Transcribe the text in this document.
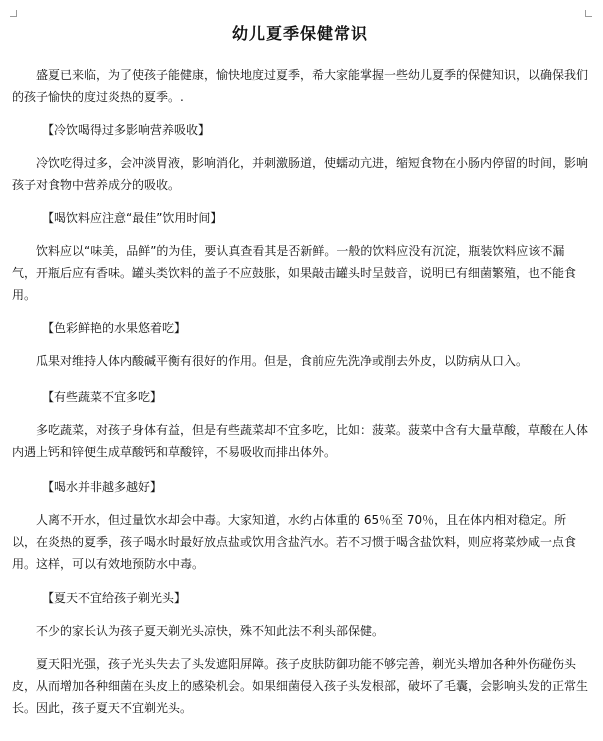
幼儿夏季保健常识

盛夏已来临，为了使孩子能健康，愉快地度过夏季，希大家能掌握一些幼儿夏季的保健知识，以确保我们的孩子愉快的度过炎热的夏季。.

【冷饮喝得过多影响营养吸收】

冷饮吃得过多，会冲淡胃液，影响消化，并刺激肠道，使蠕动亢进，缩短食物在小肠内停留的时间，影响孩子对食物中营养成分的吸收。

【喝饮料应注意“最佳”饮用时间】

饮料应以“味美，品鲜”的为佳，要认真查看其是否新鲜。一般的饮料应没有沉淀，瓶装饮料应该不漏气，开瓶后应有香味。罐头类饮料的盖子不应鼓胀，如果敲击罐头时呈鼓音，说明已有细菌繁殖，也不能食用。

【色彩鲜艳的水果悠着吃】

瓜果对维持人体内酸碱平衡有很好的作用。但是，食前应先洗净或削去外皮，以防病从口入。

【有些蔬菜不宜多吃】

多吃蔬菜，对孩子身体有益，但是有些蔬菜却不宜多吃，比如：菠菜。菠菜中含有大量草酸，草酸在人体内遇上钙和锌便生成草酸钙和草酸锌，不易吸收而排出体外。

【喝水并非越多越好】

人离不开水，但过量饮水却会中毒。大家知道，水约占体重的 65％至 70％，且在体内相对稳定。所以，在炎热的夏季，孩子喝水时最好放点盐或饮用含盐汽水。若不习惯于喝含盐饮料，则应将菜炒咸一点食用。这样，可以有效地预防水中毒。

【夏天不宜给孩子剃光头】

不少的家长认为孩子夏天剃光头凉快，殊不知此法不利头部保健。

夏天阳光强，孩子光头失去了头发遮阳屏障。孩子皮肤防御功能不够完善，剃光头增加各种外伤碰伤头皮，从而增加各种细菌在头皮上的感染机会。如果细菌侵入孩子头发根部，破坏了毛囊，会影响头发的正常生长。因此，孩子夏天不宜剃光头。
